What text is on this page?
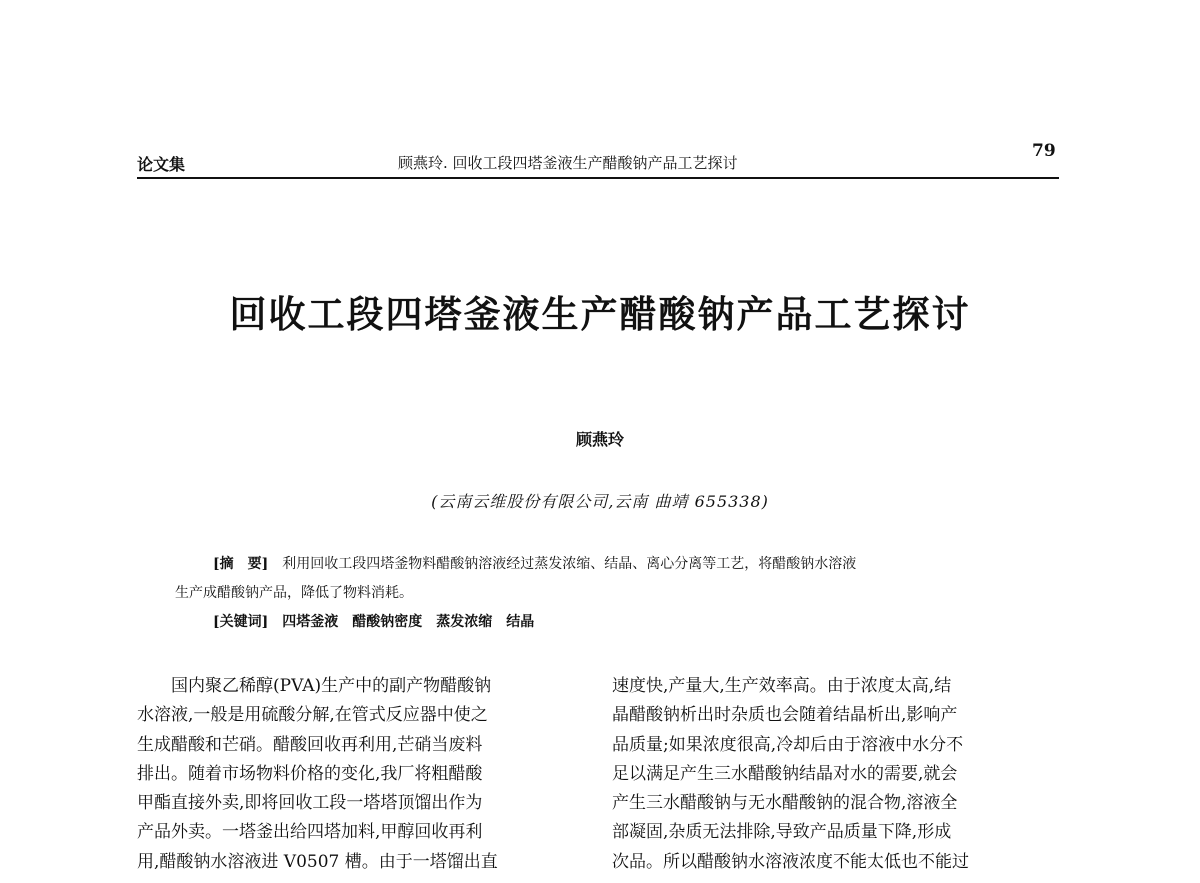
论文集	顾燕玲. 回收工段四塔釜液生产醋酸钠产品工艺探讨
79
回收工段四塔釜液生产醋酸钠产品工艺探讨
顾燕玲
(云南云维股份有限公司,云南 曲靖 655338)
[摘　要] 利用回收工段四塔釜物料醋酸钠溶液经过蒸发浓缩、结晶、离心分离等工艺，将醋酸钠水溶液
生产成醋酸钠产品，降低了物料消耗。
[关键词] 四塔釜液 醋酸钠密度 蒸发浓缩 结晶
　　国内聚乙稀醇(PVA)生产中的副产物醋酸钠
水溶液,一般是用硫酸分解,在管式反应器中使之
生成醋酸和芒硝。醋酸回收再利用,芒硝当废料
排出。随着市场物料价格的变化,我厂将粗醋酸
甲酯直接外卖,即将回收工段一塔塔顶馏出作为
产品外卖。一塔釜出给四塔加料,甲醇回收再利
用,醋酸钠水溶液进 V0507 槽。由于一塔馏出直
速度快,产量大,生产效率高。由于浓度太高,结
晶醋酸钠析出时杂质也会随着结晶析出,影响产
品质量;如果浓度很高,冷却后由于溶液中水分不
足以满足产生三水醋酸钠结晶对水的需要,就会
产生三水醋酸钠与无水醋酸钠的混合物,溶液全
部凝固,杂质无法排除,导致产品质量下降,形成
次品。所以醋酸钠水溶液浓度不能太低也不能过
